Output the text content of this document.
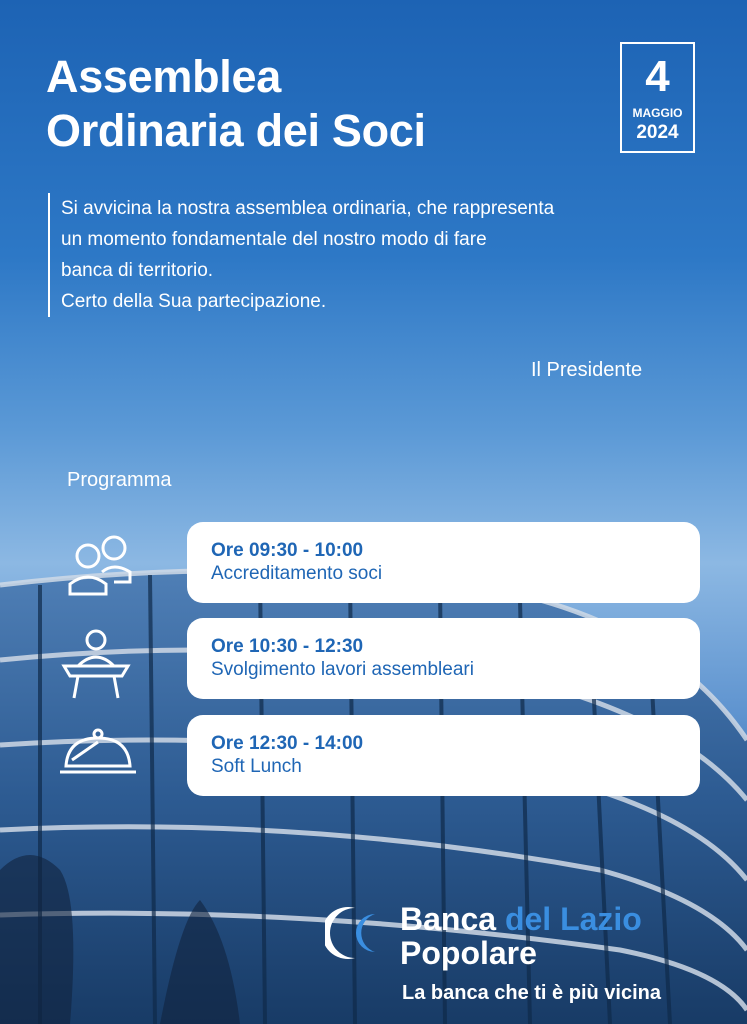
Assemblea
Ordinaria dei Soci
4
MAGGIO
2024

Si avvicina la nostra assemblea ordinaria, che rappresenta

un momento fondamentale del nostro modo di fare

banca di territorio.

Certo della Sua partecipazione.

Il Presidente
Programma
Ore 09:30 - 10:00
Accreditamento soci
Ore 10:30 - 12:30
Svolgimento lavori assembleari
Ore 12:30 - 14:00
Soft Lunch
Banca del Lazio
Popolare
La banca che ti è più vicina
